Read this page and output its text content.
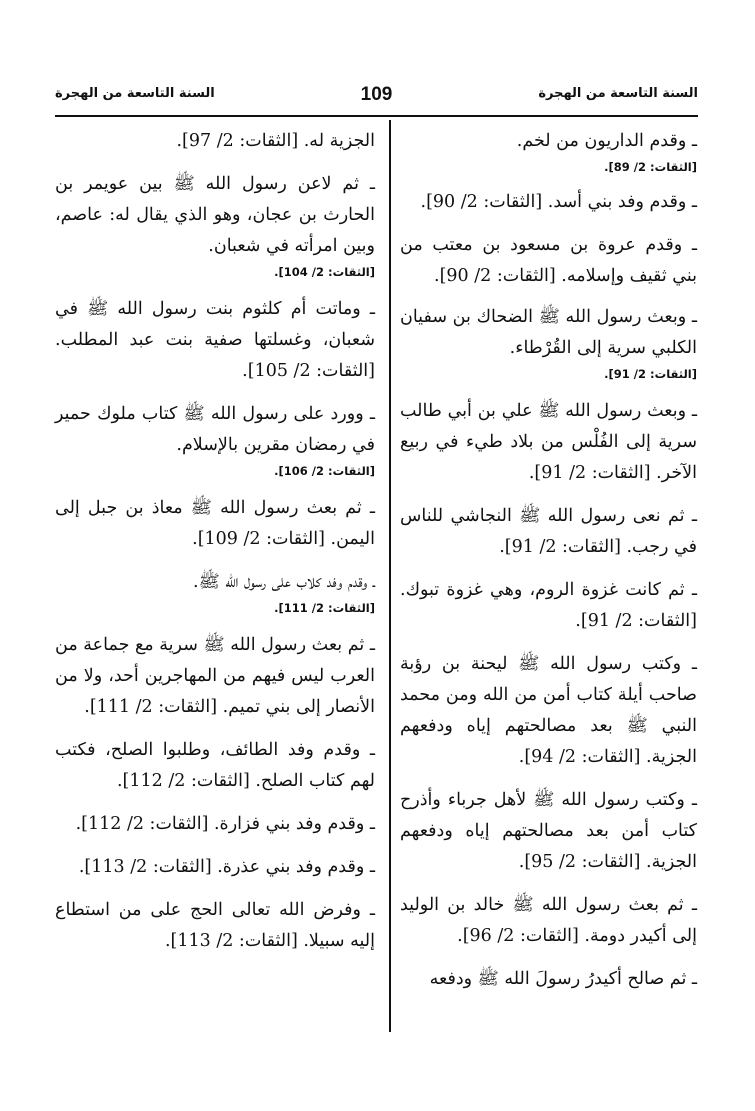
السنة التاسعة من الهجرة
109
السنة التاسعة من الهجرة
ـ وقدم الداريون من لخم.
[الثقات: 2/ 89].
ـ وقدم وفد بني أسد. [الثقات: 2/ 90].
ـ وقدم عروة بن مسعود بن معتب من بني ثقيف وإسلامه. [الثقات: 2/ 90].
ـ وبعث رسول الله ﷺ الضحاك بن سفيان الكلبي سرية إلى القُرْطاء.
[الثقات: 2/ 91].
ـ وبعث رسول الله ﷺ علي بن أبي طالب سرية إلى الفُلْس من بلاد طيء في ربيع الآخر. [الثقات: 2/ 91].
ـ ثم نعى رسول الله ﷺ النجاشي للناس في رجب. [الثقات: 2/ 91].
ـ ثم كانت غزوة الروم، وهي غزوة تبوك. [الثقات: 2/ 91].
ـ وكتب رسول الله ﷺ ليحنة بن رؤبة صاحب أيلة كتاب أمن من الله ومن محمد النبي ﷺ بعد مصالحتهم إياه ودفعهم الجزية. [الثقات: 2/ 94].
ـ وكتب رسول الله ﷺ لأهل جرباء وأذرح كتاب أمن بعد مصالحتهم إياه ودفعهم الجزية. [الثقات: 2/ 95].
ـ ثم بعث رسول الله ﷺ خالد بن الوليد إلى أكيدر دومة. [الثقات: 2/ 96].
ـ ثم صالح أكيدرُ رسولَ الله ﷺ ودفعه
الجزية له. [الثقات: 2/ 97].
ـ ثم لاعن رسول الله ﷺ بين عويمر بن الحارث بن عجان، وهو الذي يقال له: عاصم، وبين امرأته في شعبان.
[الثقات: 2/ 104].
ـ وماتت أم كلثوم بنت رسول الله ﷺ في شعبان، وغسلتها صفية بنت عبد المطلب. [الثقات: 2/ 105].
ـ وورد على رسول الله ﷺ كتاب ملوك حمير في رمضان مقرين بالإسلام.
[الثقات: 2/ 106].
ـ ثم بعث رسول الله ﷺ معاذ بن جبل إلى اليمن. [الثقات: 2/ 109].
ـ وقدم وفد كلاب على رسول الله ﷺ.
[الثقات: 2/ 111].
ـ ثم بعث رسول الله ﷺ سرية مع جماعة من العرب ليس فيهم من المهاجرين أحد، ولا من الأنصار إلى بني تميم. [الثقات: 2/ 111].
ـ وقدم وفد الطائف، وطلبوا الصلح، فكتب لهم كتاب الصلح. [الثقات: 2/ 112].
ـ وقدم وفد بني فزارة. [الثقات: 2/ 112].
ـ وقدم وفد بني عذرة. [الثقات: 2/ 113].
ـ وفرض الله تعالى الحج على من استطاع إليه سبيلا. [الثقات: 2/ 113].
